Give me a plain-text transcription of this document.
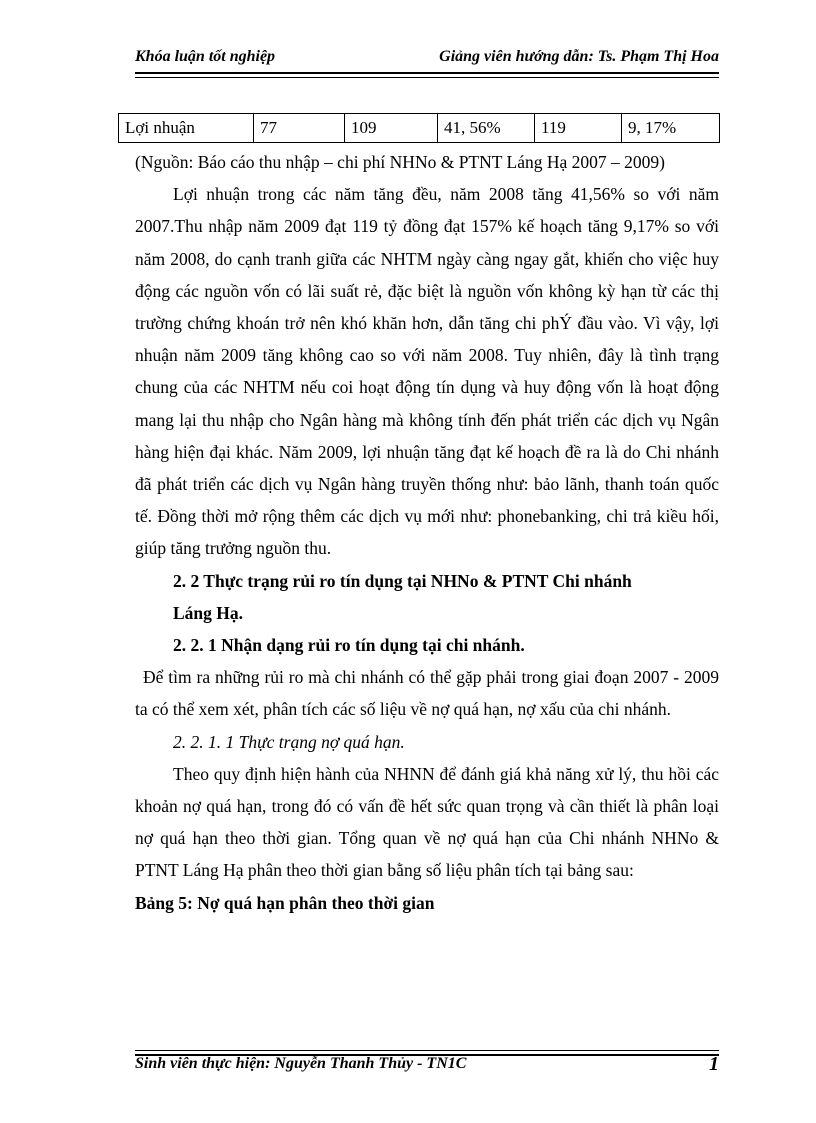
Khóa luận tốt nghiệp	Giảng viên hướng dẫn: Ts. Phạm Thị Hoa
Lợi nhuận	77	109	41, 56%	119	9, 17%

(Nguồn: Báo cáo thu nhập – chi phí NHNo & PTNT Láng Hạ 2007 – 2009)

Lợi nhuận trong các năm tăng đều, năm 2008 tăng 41,56% so với năm 2007.Thu nhập năm 2009 đạt 119 tỷ đồng đạt 157% kế hoạch tăng 9,17% so với năm 2008, do cạnh tranh giữa các NHTM ngày càng ngay gắt, khiến cho việc huy động các nguồn vốn có lãi suất rẻ, đặc biệt là nguồn vốn không kỳ hạn từ các thị trường chứng khoán trở nên khó khăn hơn, dẫn tăng chi phÝ đầu vào. Vì vậy, lợi nhuận năm 2009 tăng không cao so với năm 2008. Tuy nhiên, đây là tình trạng chung của các NHTM nếu coi hoạt động tín dụng và huy động vốn là hoạt động mang lại thu nhập cho Ngân hàng mà không tính đến phát triển các dịch vụ Ngân hàng hiện đại khác. Năm 2009, lợi nhuận tăng đạt kế hoạch đề ra là do Chi nhánh đã phát triển các dịch vụ Ngân hàng truyền thống như: bảo lãnh, thanh toán quốc tế. Đồng thời mở rộng thêm các dịch vụ mới như: phonebanking, chi trả kiều hối, giúp tăng trưởng nguồn thu.

2. 2 Thực trạng rủi ro tín dụng tại NHNo & PTNT Chi nhánh
Láng Hạ.

2. 2. 1 Nhận dạng rủi ro tín dụng tại chi nhánh.

Để tìm ra những rủi ro mà chi nhánh có thể gặp phải trong giai đoạn 2007 - 2009 ta có thể xem xét, phân tích các số liệu về nợ quá hạn, nợ xấu của chi nhánh.

2. 2. 1. 1 Thực trạng nợ quá hạn.

Theo quy định hiện hành của NHNN để đánh giá khả năng xử lý, thu hồi các khoản nợ quá hạn, trong đó có vấn đề hết sức quan trọng và cần thiết là phân loại nợ quá hạn theo thời gian. Tổng quan về nợ quá hạn của Chi nhánh NHNo & PTNT Láng Hạ phân theo thời gian bằng số liệu phân tích tại bảng sau:

Bảng 5: Nợ quá hạn phân theo thời gian

Sinh viên thực hiện: Nguyễn Thanh Thủy - TN1C	1
